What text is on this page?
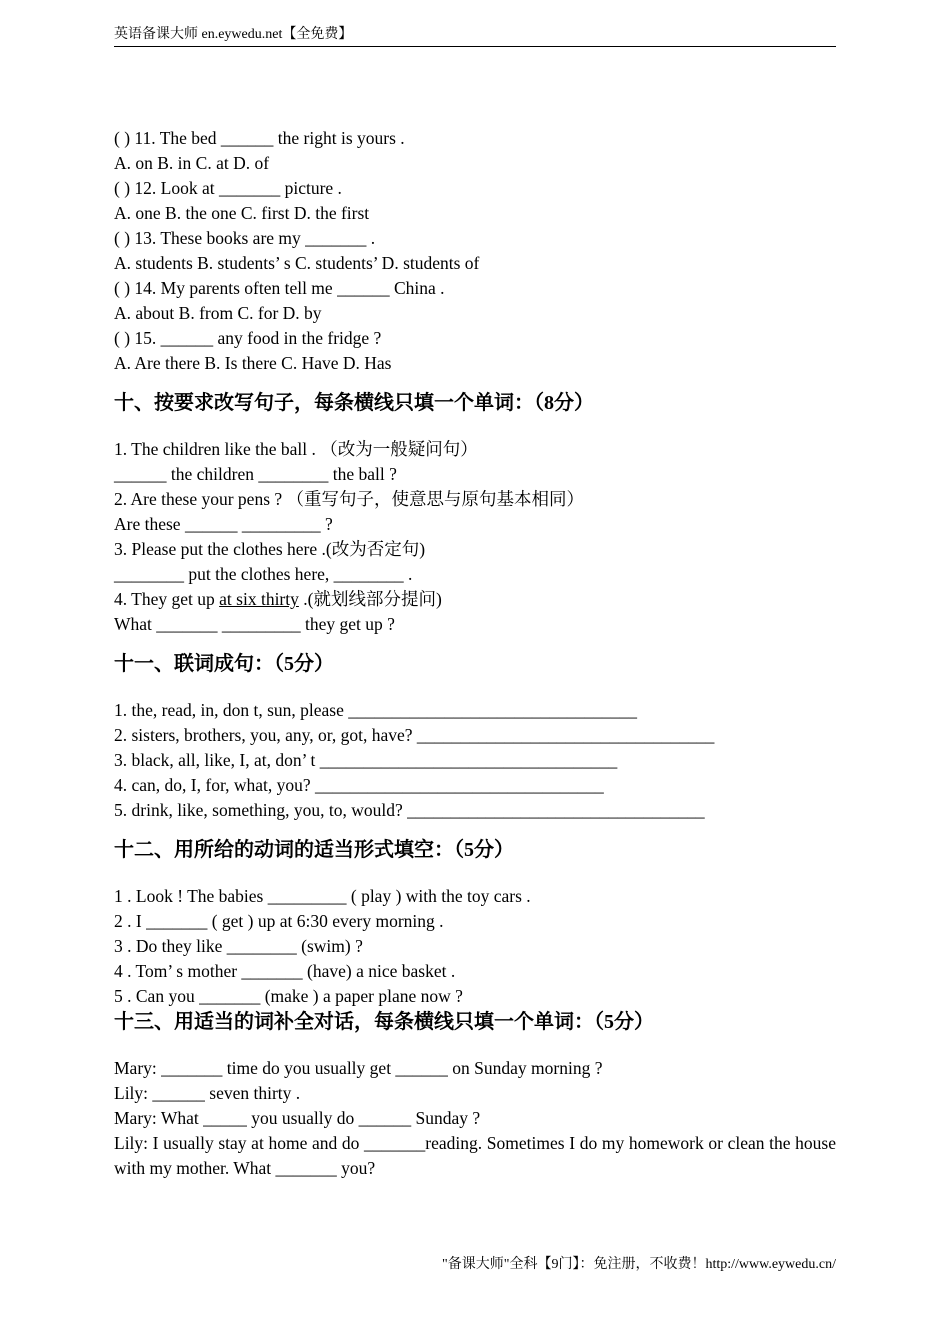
英语备课大师 en.eywedu.net【全免费】
( ) 11. The bed ______ the right is yours .
A. on B. in C. at D. of
( ) 12. Look at _______ picture .
A. one B. the one C. first D. the first
( ) 13. These books are my _______ .
A. students B. students’ s C. students’ D. students of
( ) 14. My parents often tell me ______ China .
A. about B. from C. for D. by
( ) 15. ______ any food in the fridge ?
A. Are there B. Is there C. Have D. Has
十、按要求改写句子，每条横线只填一个单词：（8分）
1. The children like the ball . （改为一般疑问句）
______ the children ________ the ball ?
2. Are these your pens ? （重写句子，使意思与原句基本相同）
Are these ______ _________ ?
3. Please put the clothes here .(改为否定句)
________ put the clothes here, ________ .
4. They get up at six thirty .(就划线部分提问)
What _______ _________ they get up ?
十一、联词成句：（5分）
1. the, read, in, don t, sun, please _________________________________
2. sisters, brothers, you, any, or, got, have? __________________________________
3. black, all, like, I, at, don’ t __________________________________
4. can, do, I, for, what, you? _________________________________
5. drink, like, something, you, to, would? __________________________________
十二、用所给的动词的适当形式填空：（5分）
1 . Look ! The babies _________ ( play ) with the toy cars .
2 . I _______ ( get ) up at 6:30 every morning .
3 . Do they like ________ (swim) ?
4 . Tom’ s mother _______ (have) a nice basket .
5 . Can you _______ (make ) a paper plane now ?
十三、用适当的词补全对话，每条横线只填一个单词：（5分）
Mary: _______ time do you usually get ______ on Sunday morning ?
Lily: ______ seven thirty .
Mary: What _____ you usually do ______ Sunday ?
Lily: I usually stay at home and do _______reading. Sometimes I do my homework or clean the house with my mother. What _______ you?
"备课大师"全科【9门】：免注册，不收费！http://www.eywedu.cn/
